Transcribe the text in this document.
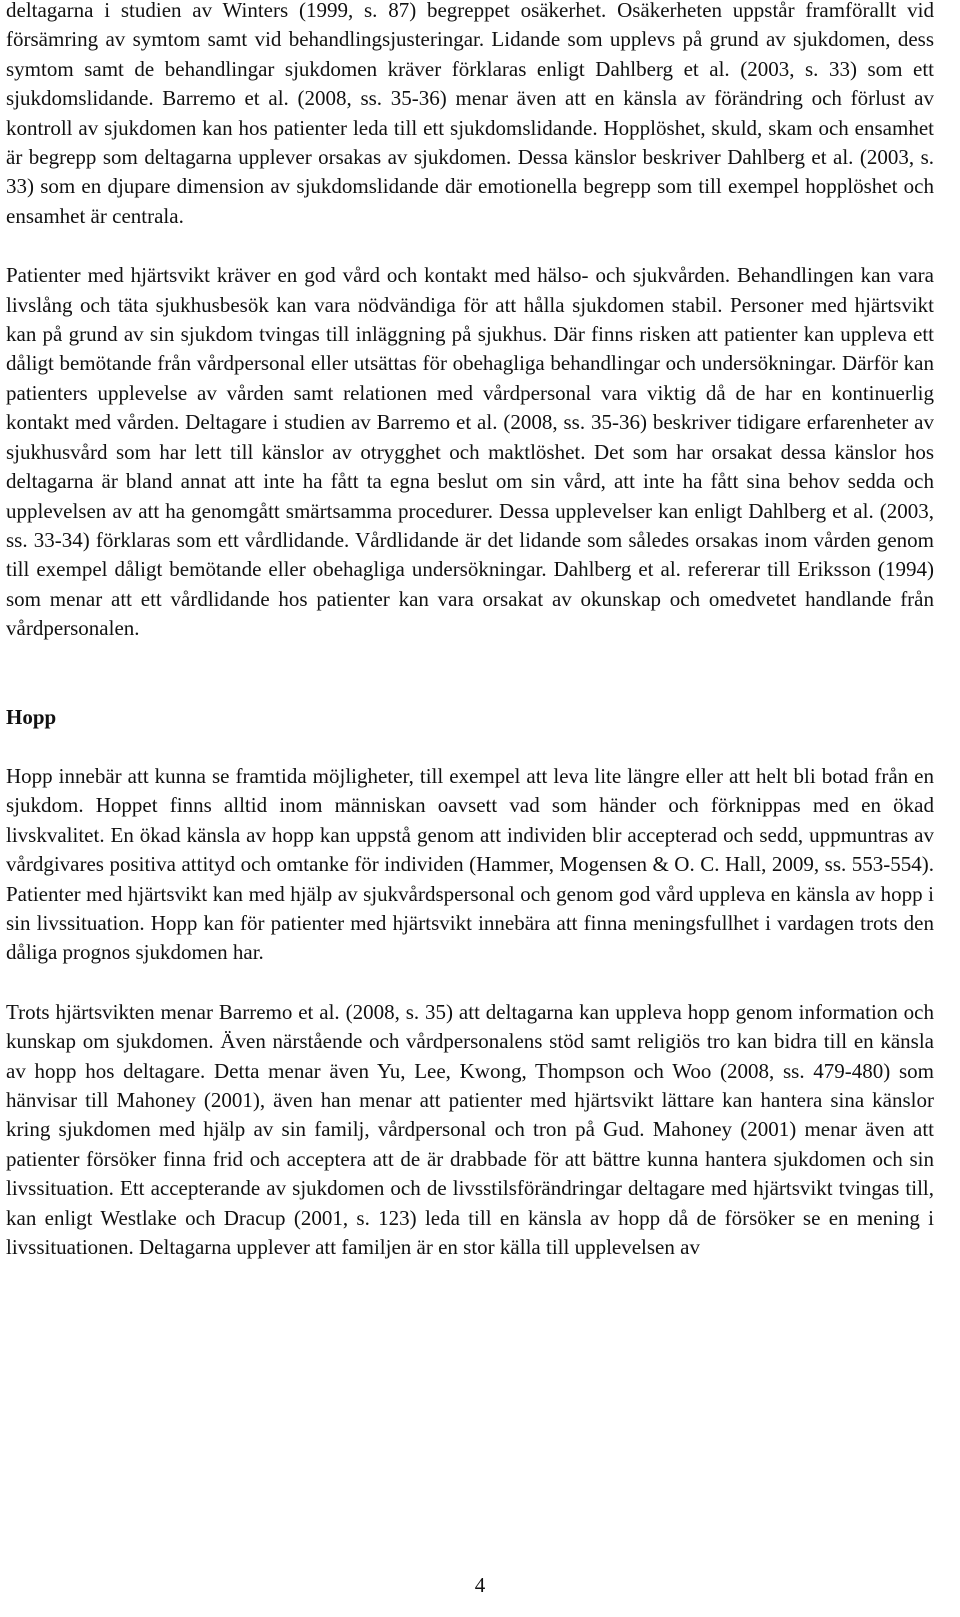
deltagarna i studien av Winters (1999, s. 87) begreppet osäkerhet. Osäkerheten uppstår framförallt vid försämring av symtom samt vid behandlingsjusteringar. Lidande som upplevs på grund av sjukdomen, dess symtom samt de behandlingar sjukdomen kräver förklaras enligt Dahlberg et al. (2003, s. 33) som ett sjukdomslidande. Barremo et al. (2008, ss. 35-36) menar även att en känsla av förändring och förlust av kontroll av sjukdomen kan hos patienter leda till ett sjukdomslidande. Hopplöshet, skuld, skam och ensamhet är begrepp som deltagarna upplever orsakas av sjukdomen. Dessa känslor beskriver Dahlberg et al. (2003, s. 33) som en djupare dimension av sjukdomslidande där emotionella begrepp som till exempel hopplöshet och ensamhet är centrala.

Patienter med hjärtsvikt kräver en god vård och kontakt med hälso- och sjukvården. Behandlingen kan vara livslång och täta sjukhusbesök kan vara nödvändiga för att hålla sjukdomen stabil. Personer med hjärtsvikt kan på grund av sin sjukdom tvingas till inläggning på sjukhus. Där finns risken att patienter kan uppleva ett dåligt bemötande från vårdpersonal eller utsättas för obehagliga behandlingar och undersökningar. Därför kan patienters upplevelse av vården samt relationen med vårdpersonal vara viktig då de har en kontinuerlig kontakt med vården. Deltagare i studien av Barremo et al. (2008, ss. 35-36) beskriver tidigare erfarenheter av sjukhusvård som har lett till känslor av otrygghet och maktlöshet. Det som har orsakat dessa känslor hos deltagarna är bland annat att inte ha fått ta egna beslut om sin vård, att inte ha fått sina behov sedda och upplevelsen av att ha genomgått smärtsamma procedurer. Dessa upplevelser kan enligt Dahlberg et al. (2003, ss. 33-34) förklaras som ett vårdlidande. Vårdlidande är det lidande som således orsakas inom vården genom till exempel dåligt bemötande eller obehagliga undersökningar. Dahlberg et al. refererar till Eriksson (1994) som menar att ett vårdlidande hos patienter kan vara orsakat av okunskap och omedvetet handlande från vårdpersonalen.

Hopp

Hopp innebär att kunna se framtida möjligheter, till exempel att leva lite längre eller att helt bli botad från en sjukdom. Hoppet finns alltid inom människan oavsett vad som händer och förknippas med en ökad livskvalitet. En ökad känsla av hopp kan uppstå genom att individen blir accepterad och sedd, uppmuntras av vårdgivares positiva attityd och omtanke för individen (Hammer, Mogensen & O. C. Hall, 2009, ss. 553-554). Patienter med hjärtsvikt kan med hjälp av sjukvårdspersonal och genom god vård uppleva en känsla av hopp i sin livssituation. Hopp kan för patienter med hjärtsvikt innebära att finna meningsfullhet i vardagen trots den dåliga prognos sjukdomen har.

Trots hjärtsvikten menar Barremo et al. (2008, s. 35) att deltagarna kan uppleva hopp genom information och kunskap om sjukdomen. Även närstående och vårdpersonalens stöd samt religiös tro kan bidra till en känsla av hopp hos deltagare. Detta menar även Yu, Lee, Kwong, Thompson och Woo (2008, ss. 479-480) som hänvisar till Mahoney (2001), även han menar att patienter med hjärtsvikt lättare kan hantera sina känslor kring sjukdomen med hjälp av sin familj, vårdpersonal och tron på Gud. Mahoney (2001) menar även att patienter försöker finna frid och acceptera att de är drabbade för att bättre kunna hantera sjukdomen och sin livssituation. Ett accepterande av sjukdomen och de livsstilsförändringar deltagare med hjärtsvikt tvingas till, kan enligt Westlake och Dracup (2001, s. 123) leda till en känsla av hopp då de försöker se en mening i livssituationen. Deltagarna upplever att familjen är en stor källa till upplevelsen av

4
